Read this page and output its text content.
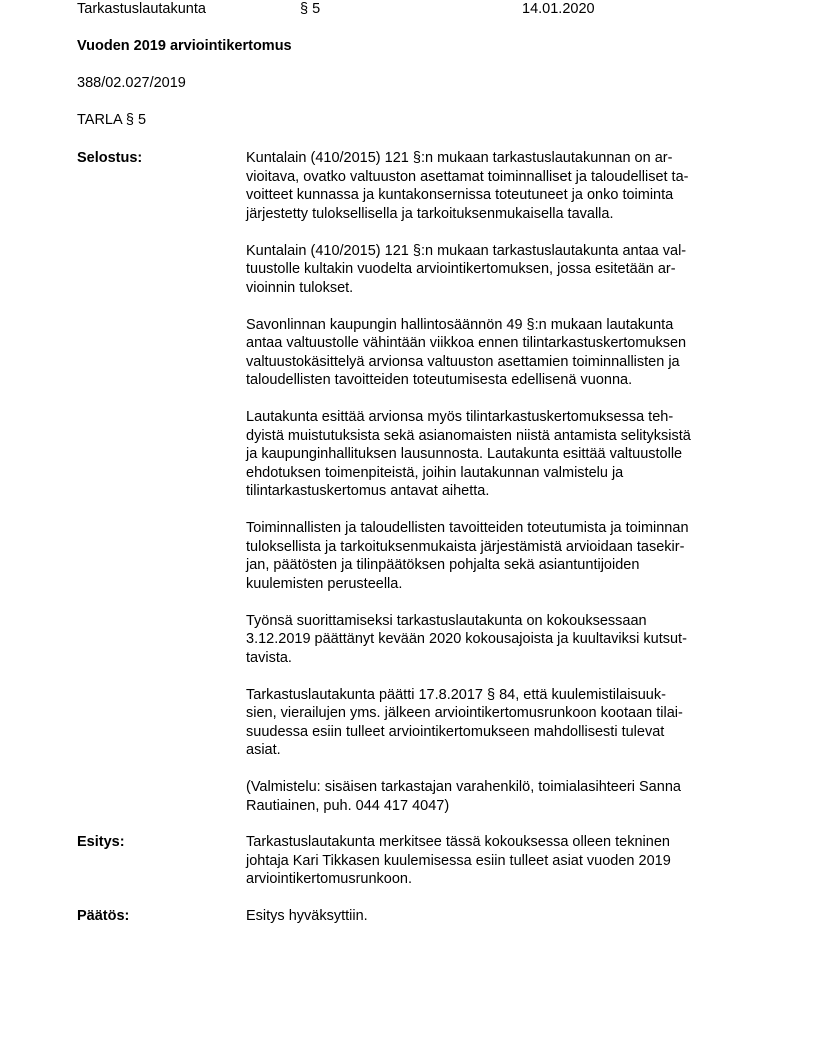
Tarkastuslautakunta	§ 5	14.01.2020
Vuoden 2019 arviointikertomus
388/02.027/2019
TARLA § 5
Selostus:	Kuntalain (410/2015) 121 §:n mukaan tarkastuslautakunnan on ar-
vioitava, ovatko valtuuston asettamat toiminnalliset ja taloudelliset ta-
voitteet kunnassa ja kuntakonsernissa toteutuneet ja onko toiminta
järjestetty tuloksellisella ja tarkoituksenmukaisella tavalla.

Kuntalain (410/2015) 121 §:n mukaan tarkastuslautakunta antaa val-
tuustolle kultakin vuodelta arviointikertomuksen, jossa esitetään ar-
vioinnin tulokset.

Savonlinnan kaupungin hallintosäännön 49 §:n mukaan lautakunta
antaa valtuustolle vähintään viikkoa ennen tilintarkastuskertomuksen
valtuustokäsittelyä arvionsa valtuuston asettamien toiminnallisten ja
taloudellisten tavoitteiden toteutumisesta edellisenä vuonna.

Lautakunta esittää arvionsa myös tilintarkastuskertomuksessa teh-
dyistä muistutuksista sekä asianomaisten niistä antamista selityksistä
ja kaupunginhallituksen lausunnosta. Lautakunta esittää valtuustolle
ehdotuksen toimenpiteistä, joihin lautakunnan valmistelu ja
tilintarkastuskertomus antavat aihetta.

Toiminnallisten ja taloudellisten tavoitteiden toteutumista ja toiminnan
tuloksellista ja tarkoituksenmukaista järjestämistä arvioidaan tasekir-
jan, päätösten ja tilinpäätöksen pohjalta sekä asiantuntijoiden
kuulemisten perusteella.

Työnsä suorittamiseksi tarkastuslautakunta on kokouksessaan
3.12.2019 päättänyt kevään 2020 kokousajoista ja kuultaviksi kutsut-
tavista.

Tarkastuslautakunta päätti 17.8.2017 § 84, että kuulemistilaisuuk-
sien, vierailujen yms. jälkeen arviointikertomusrunkoon kootaan tilai-
suudessa esiin tulleet arviointikertomukseen mahdollisesti tulevat
asiat.

(Valmistelu: sisäisen tarkastajan varahenkilö, toimialasihteeri Sanna
Rautiainen, puh. 044 417 4047)

Esitys:	Tarkastuslautakunta merkitsee tässä kokouksessa olleen tekninen
johtaja Kari Tikkasen kuulemisessa esiin tulleet asiat vuoden 2019
arviointikertomusrunkoon.

Päätös:	Esitys hyväksyttiin.
